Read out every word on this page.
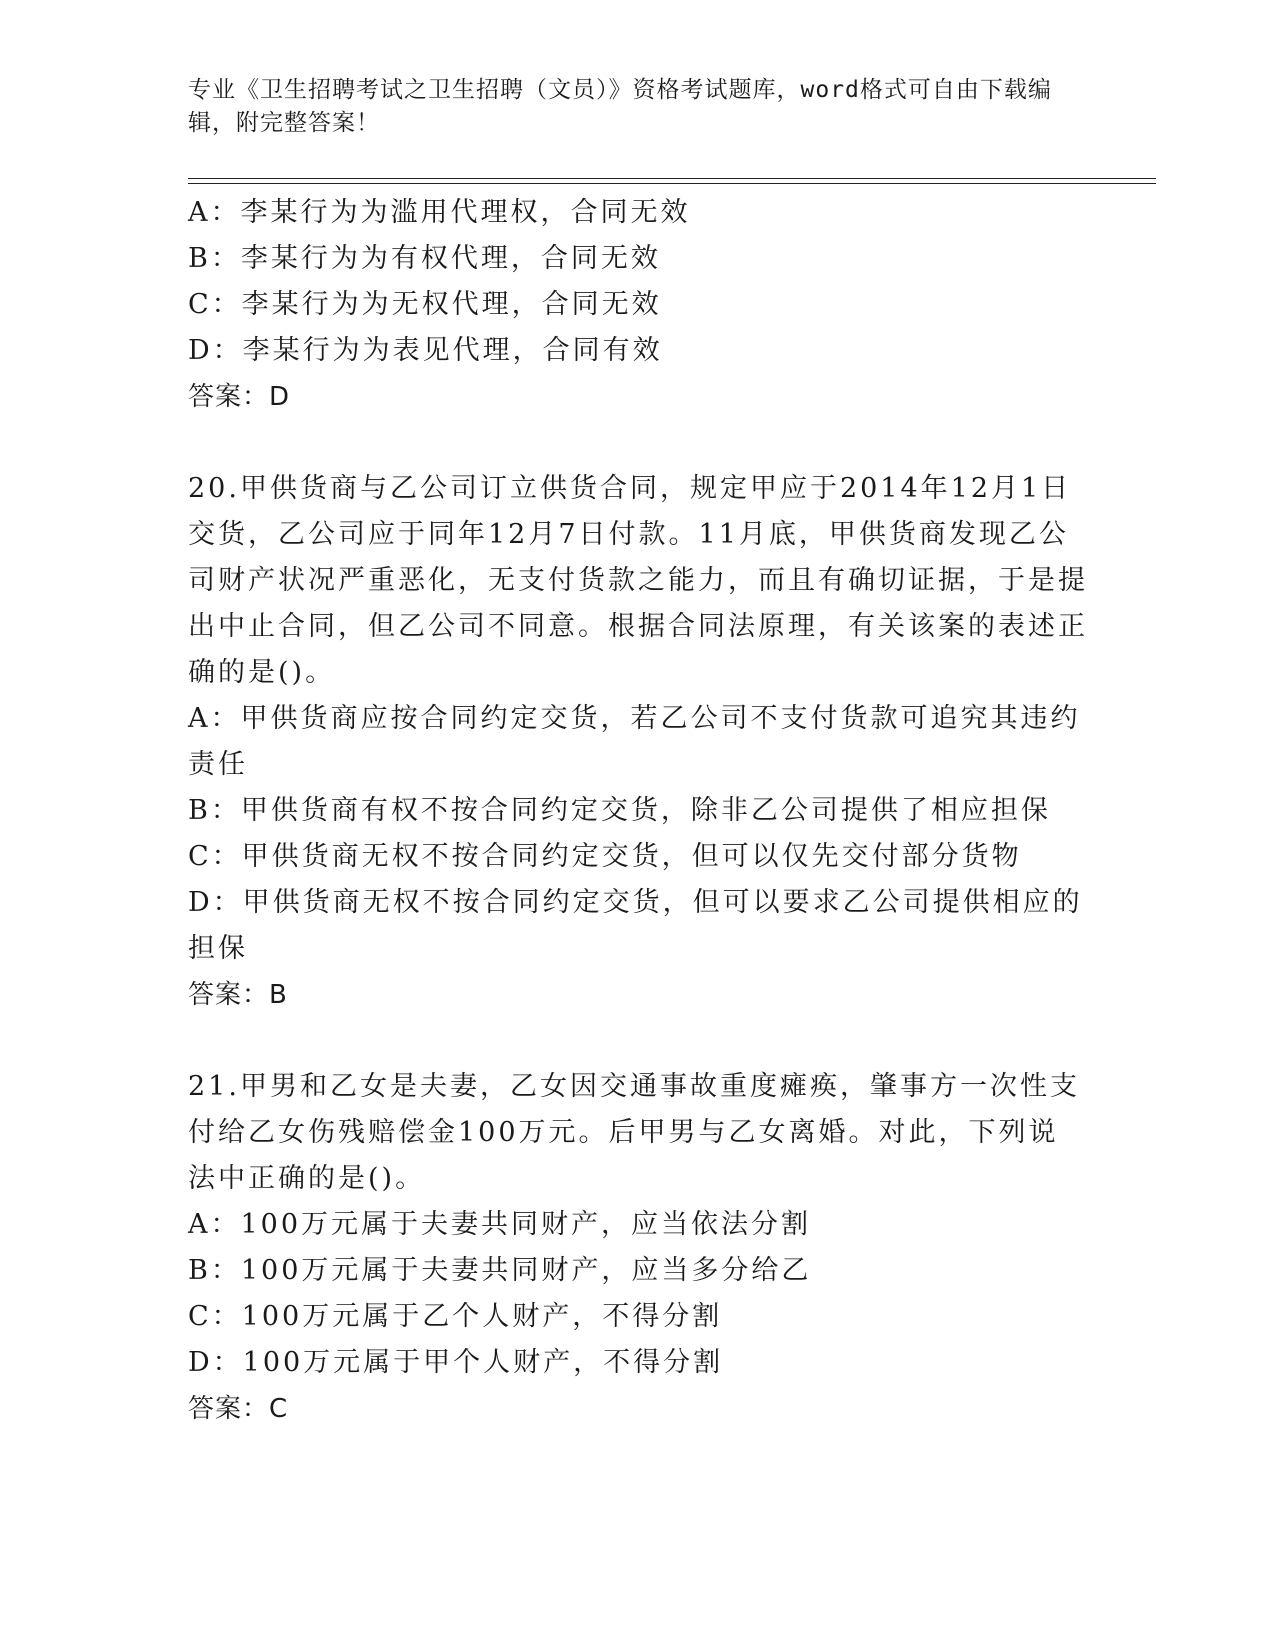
专业《卫生招聘考试之卫生招聘（文员）》资格考试题库，word格式可自由下载编辑，附完整答案！
A：李某行为为滥用代理权，合同无效
B：李某行为为有权代理，合同无效
C：李某行为为无权代理，合同无效
D：李某行为为表见代理，合同有效
答案：D
20.甲供货商与乙公司订立供货合同，规定甲应于2014年12月1日交货，乙公司应于同年12月7日付款。11月底，甲供货商发现乙公司财产状况严重恶化，无支付货款之能力，而且有确切证据，于是提出中止合同，但乙公司不同意。根据合同法原理，有关该案的表述正确的是()。
A：甲供货商应按合同约定交货，若乙公司不支付货款可追究其违约责任
B：甲供货商有权不按合同约定交货，除非乙公司提供了相应担保
C：甲供货商无权不按合同约定交货，但可以仅先交付部分货物
D：甲供货商无权不按合同约定交货，但可以要求乙公司提供相应的担保
答案：B
21.甲男和乙女是夫妻，乙女因交通事故重度瘫痪，肇事方一次性支付给乙女伤残赔偿金100万元。后甲男与乙女离婚。对此，下列说法中正确的是()。
A：100万元属于夫妻共同财产，应当依法分割
B：100万元属于夫妻共同财产，应当多分给乙
C：100万元属于乙个人财产，不得分割
D：100万元属于甲个人财产，不得分割
答案：C
